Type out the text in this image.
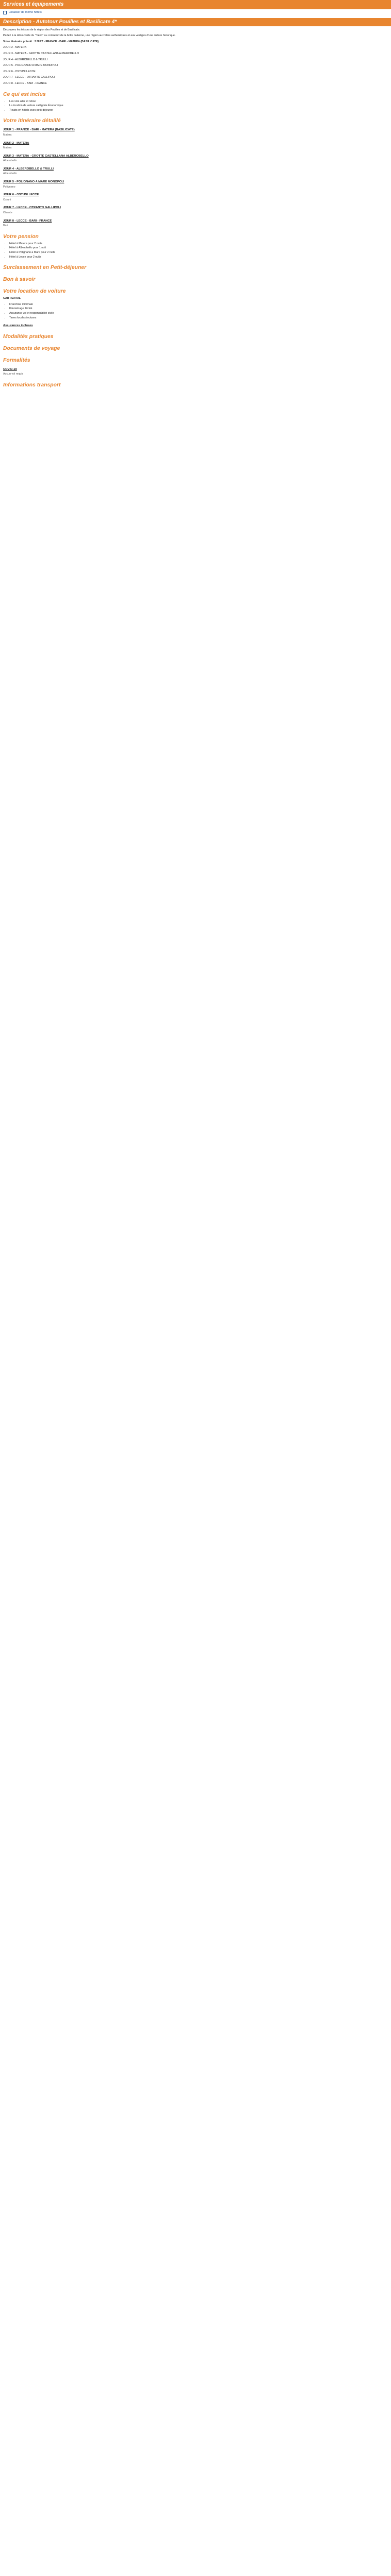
Services et équipements
Localiser de même hôtels
Description - Autotour Pouilles et Basilicate 4*

Découvrez les trésors de la région des Pouilles et de Basilicate.

Partez à la découverte du "Talon" ou contrefort de la botte italienne, une région aux villes authentiques et aux vestiges d'une culture historique.

Votre itinéraire prévoit : 2 NUIT - FRANCE - BARI - MATERA (BASILICATE)

JOUR 2 - MATERA

JOUR 3 - MATERA - GROTTE CASTELLANA ALBEROBELLO

JOUR 4 - ALBEROBELLO & TRULLI

JOUR 5 - POLIGNANO A MARE MONOPOLI

JOUR 6 - OSTUNI LECCE

JOUR 7 - LECCE - OTRANTO GALLIPOLI

JOUR 8 - LECCE - BARI - FRANCE

Ce qui est inclus
• Les vols aller et retour
• La location de voiture catégorie Économique
• 7 nuits en hôtels avec petit-déjeuner
Votre itinéraire détaillé
JOUR 1 - FRANCE - BARI - MATERA (BASILICATE)

Matera

JOUR 2 - MATERA

Matera

JOUR 3 - MATERA - GROTTE CASTELLANA ALBEROBELLO

Alberobello

JOUR 4 - ALBEROBELLO & TRULLI

Alberobello

JOUR 5 - POLIGNANO A MARE MONOPOLI

Polignano

JOUR 6 - OSTUNI LECCE

Ostuni

JOUR 7 - LECCE - OTRANTO GALLIPOLI

Otrante

JOUR 8 - LECCE - BARI - FRANCE

Bari

Votre pension
• Hôtel à Matera pour 2 nuits
• Hôtel à Alberobello pour 1 nuit
• Hôtel à Polignano a Mare pour 2 nuits
• Hôtel à Lecce pour 2 nuits
Surclassement en Petit-déjeuner
Bon à savoir
Votre location de voiture

CAR RENTAL

• Franchise minimale
• Kilométrage illimité
• Assurance vol et responsabilité civile
• Taxes locales incluses
Assurances incluses
Modalités pratiques
Documents de voyage
Formalités
COVID-19

Aucun vol requis

Informations transport
